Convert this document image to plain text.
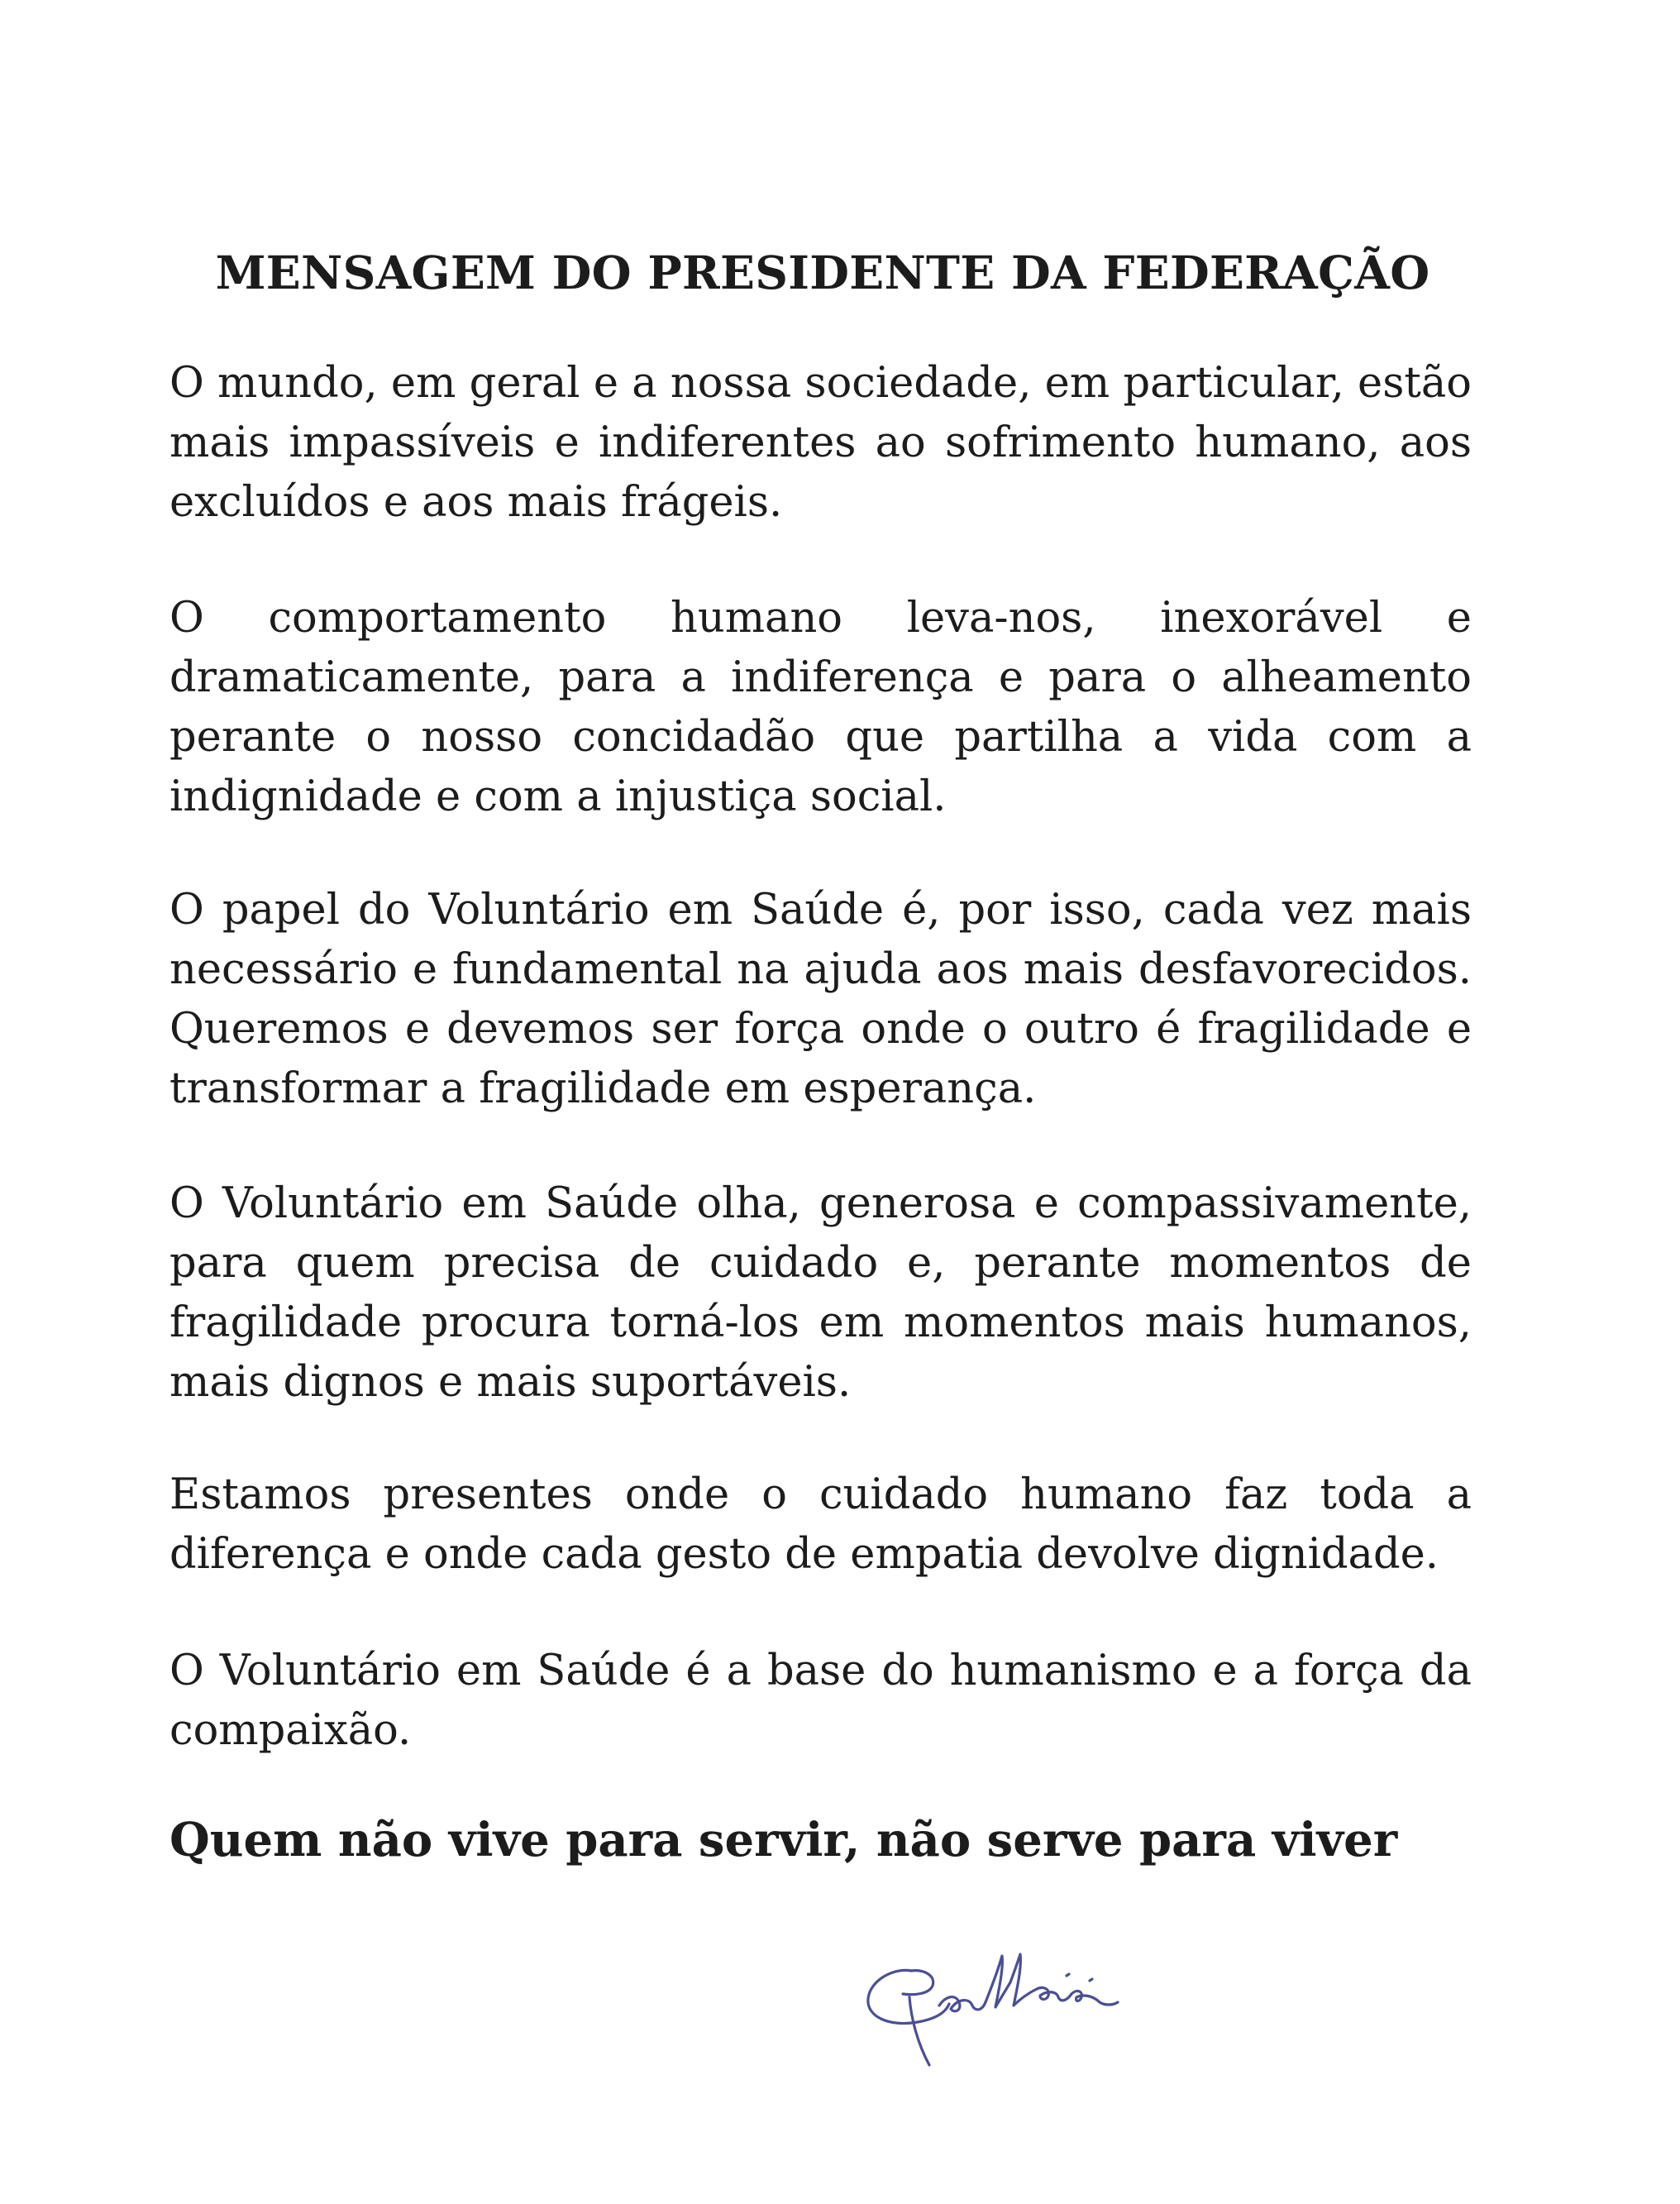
MENSAGEM DO PRESIDENTE DA FEDERAÇÃO

O mundo, em geral e a nossa sociedade, em particular, estão mais impassíveis e indiferentes ao sofrimento humano, aos excluídos e aos mais frágeis.

O comportamento humano leva-nos, inexorável e dramaticamente, para a indiferença e para o alheamento perante o nosso concidadão que partilha a vida com a indignidade e com a injustiça social.

O papel do Voluntário em Saúde é, por isso, cada vez mais necessário e fundamental na ajuda aos mais desfavorecidos. Queremos e devemos ser força onde o outro é fragilidade e transformar a fragilidade em esperança.

O Voluntário em Saúde olha, generosa e compassivamente, para quem precisa de cuidado e, perante momentos de fragilidade procura torná-los em momentos mais humanos, mais dignos e mais suportáveis.

Estamos presentes onde o cuidado humano faz toda a diferença e onde cada gesto de empatia devolve dignidade.

O Voluntário em Saúde é a base do humanismo e a força da compaixão.

Quem não vive para servir, não serve para viver
